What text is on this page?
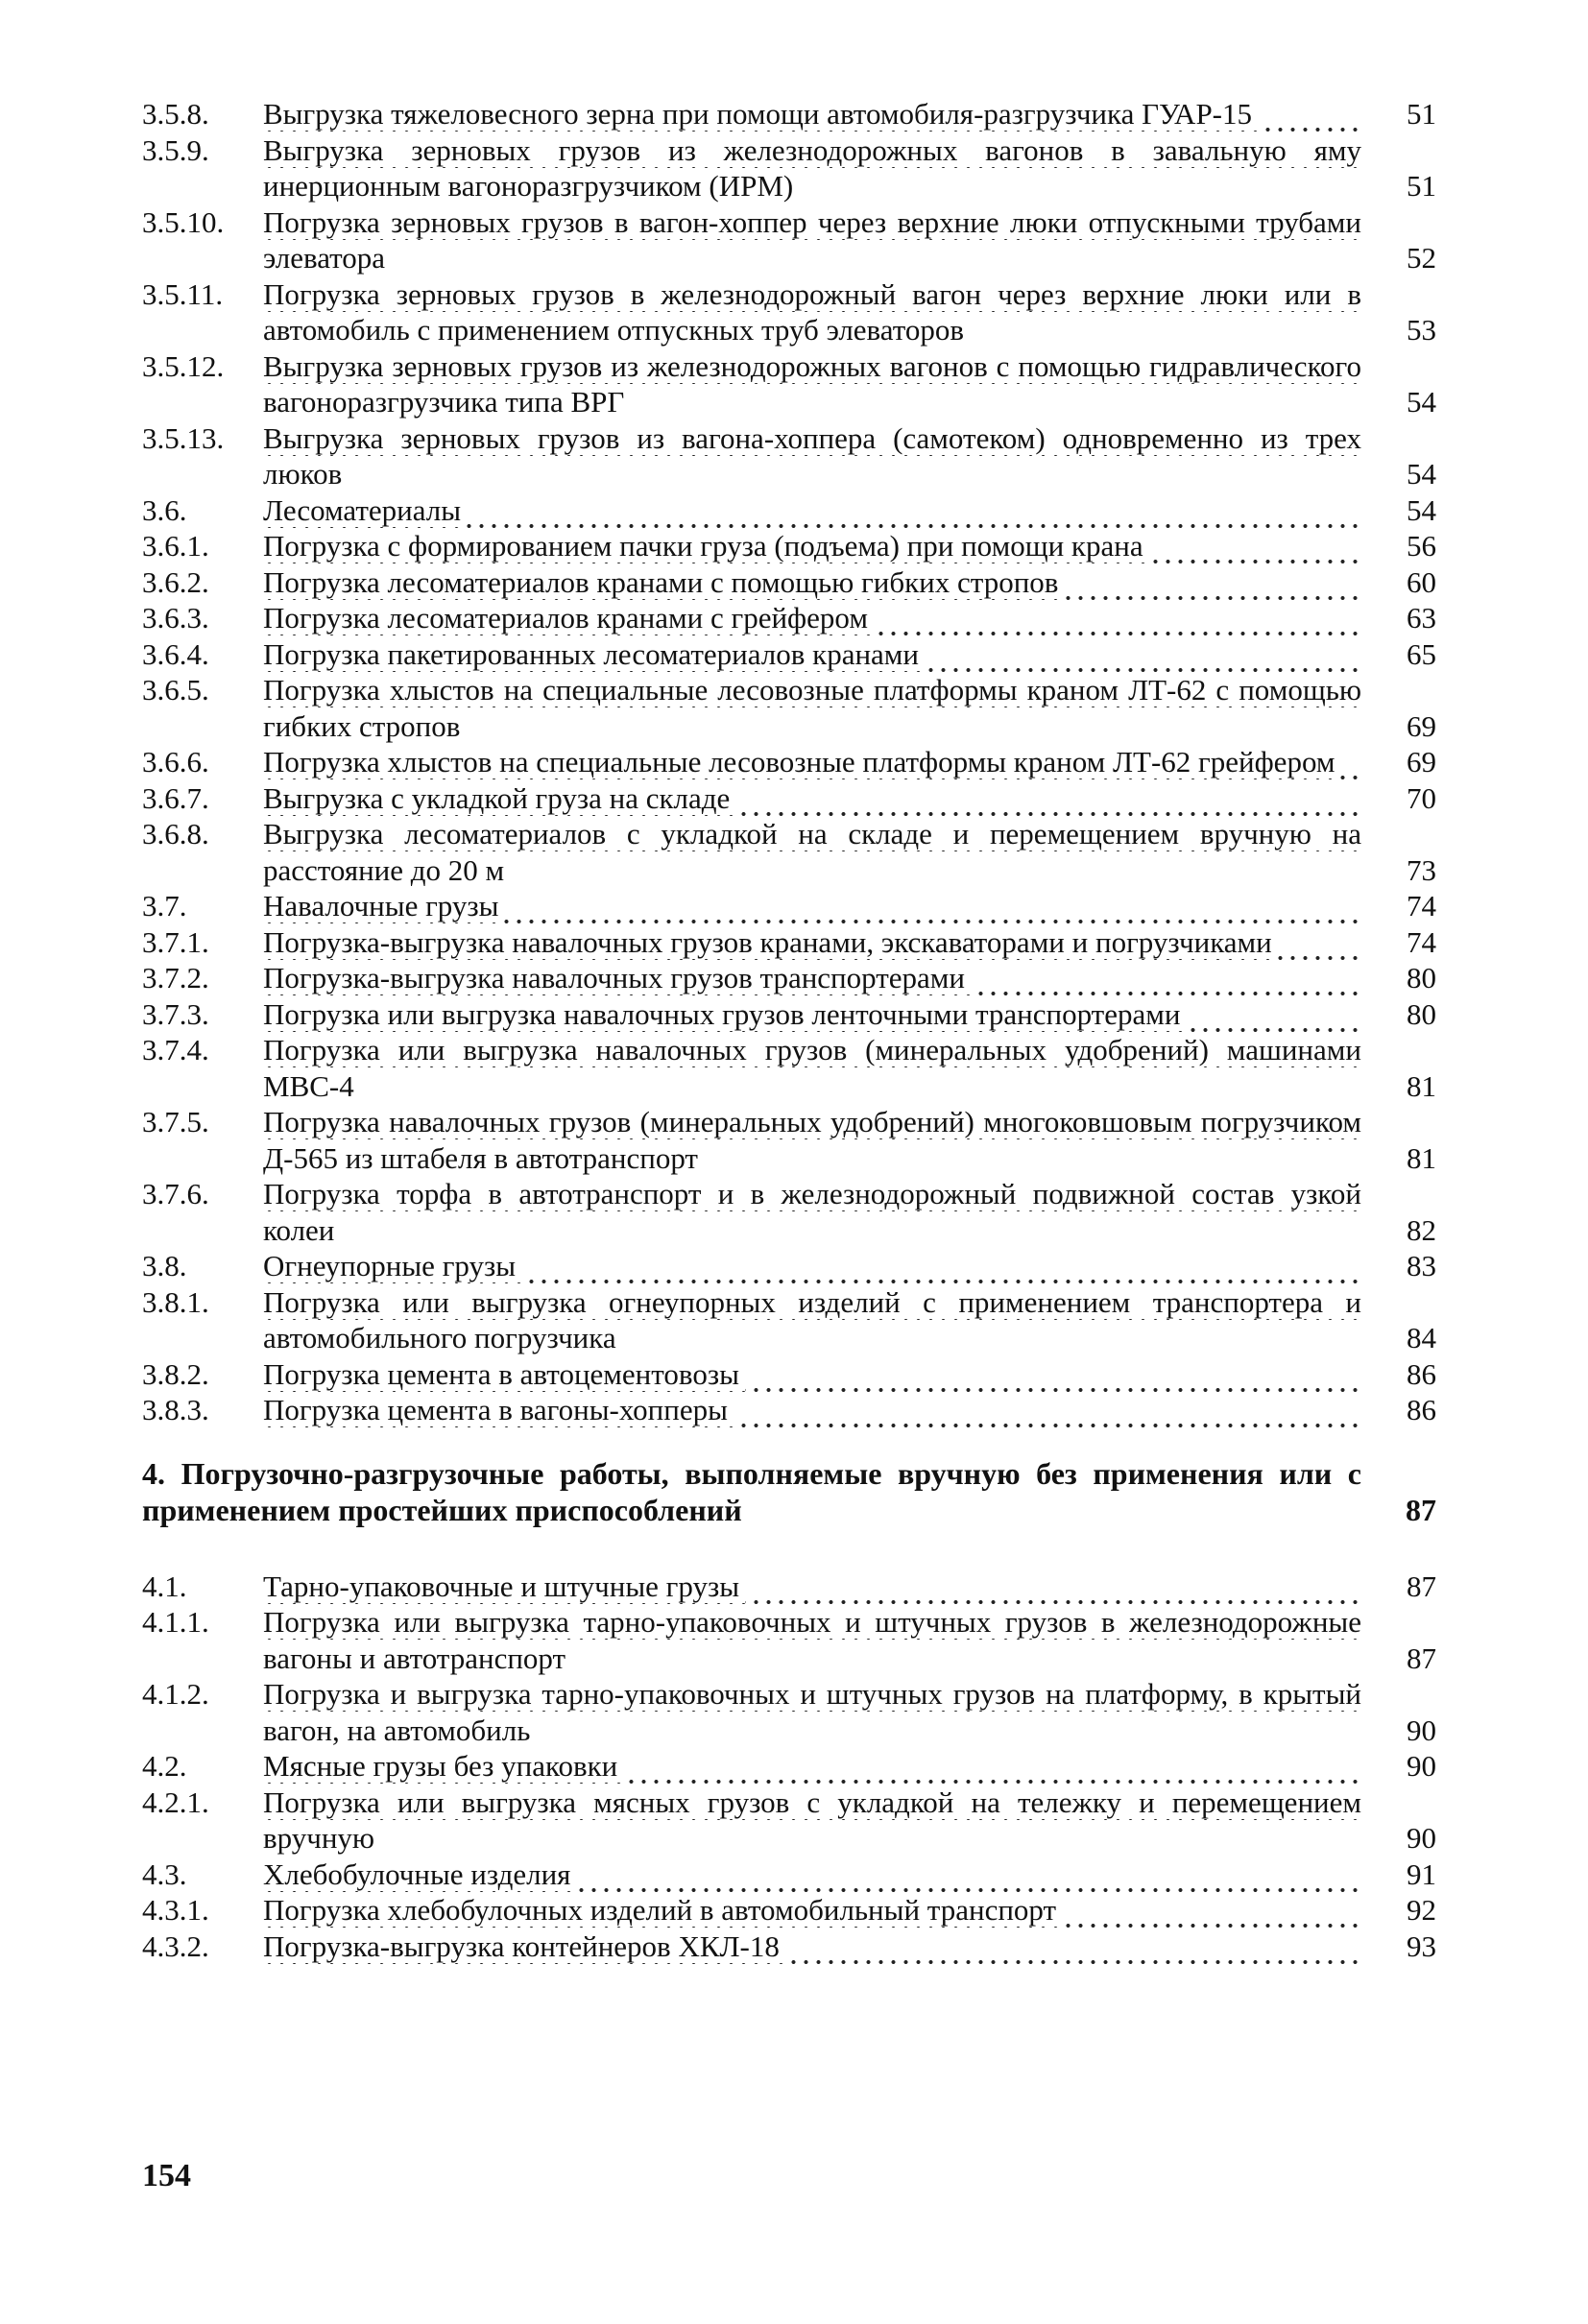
3.5.8.	Выгрузка тяжеловесного зерна при помощи автомобиля-разгрузчика ГУАР-15	51
3.5.9.	Выгрузка зерновых грузов из железнодорожных вагонов в завальную яму инерционным вагоноразгрузчиком (ИРМ)	51
3.5.10.	Погрузка зерновых грузов в вагон-хоппер через верхние люки отпускными трубами элеватора	52
3.5.11.	Погрузка зерновых грузов в железнодорожный вагон через верхние люки или в автомобиль с применением отпускных труб элеваторов	53
3.5.12.	Выгрузка зерновых грузов из железнодорожных вагонов с помощью гидравлического вагоноразгрузчика типа ВРГ	54
3.5.13.	Выгрузка зерновых грузов из вагона-хоппера (самотеком) одновременно из трех люков	54
3.6.	Лесоматериалы	54
3.6.1.	Погрузка с формированием пачки груза (подъема) при помощи крана	56
3.6.2.	Погрузка лесоматериалов кранами с помощью гибких стропов	60
3.6.3.	Погрузка лесоматериалов кранами с грейфером	63
3.6.4.	Погрузка пакетированных лесоматериалов кранами	65
3.6.5.	Погрузка хлыстов на специальные лесовозные платформы краном ЛТ-62 с помощью гибких стропов	69
3.6.6.	Погрузка хлыстов на специальные лесовозные платформы краном ЛТ-62 грейфером	69
3.6.7.	Выгрузка с укладкой груза на складе	70
3.6.8.	Выгрузка лесоматериалов с укладкой на складе и перемещением вручную на расстояние до 20 м	73
3.7.	Навалочные грузы	74
3.7.1.	Погрузка-выгрузка навалочных грузов кранами, экскаваторами и погрузчиками	74
3.7.2.	Погрузка-выгрузка навалочных грузов транспортерами	80
3.7.3.	Погрузка или выгрузка навалочных грузов ленточными транспортерами	80
3.7.4.	Погрузка или выгрузка навалочных грузов (минеральных удобрений) машинами МВС-4	81
3.7.5.	Погрузка навалочных грузов (минеральных удобрений) многоковшовым погрузчиком Д-565 из штабеля в автотранспорт	81
3.7.6.	Погрузка торфа в автотранспорт и в железнодорожный подвижной состав узкой колеи	82
3.8.	Огнеупорные грузы	83
3.8.1.	Погрузка или выгрузка огнеупорных изделий с применением транспортера и автомобильного погрузчика	84
3.8.2.	Погрузка цемента в автоцементовозы	86
3.8.3.	Погрузка цемента в вагоны-хопперы	86
4. Погрузочно-разгрузочные работы, выполняемые вручную без применения или с применением простейших приспособлений	87
4.1.	Тарно-упаковочные и штучные грузы	87
4.1.1.	Погрузка или выгрузка тарно-упаковочных и штучных грузов в железнодорожные вагоны и автотранспорт	87
4.1.2.	Погрузка и выгрузка тарно-упаковочных и штучных грузов на платформу, в крытый вагон, на автомобиль	90
4.2.	Мясные грузы без упаковки	90
4.2.1.	Погрузка или выгрузка мясных грузов с укладкой на тележку и перемещением вручную	90
4.3.	Хлебобулочные изделия	91
4.3.1.	Погрузка хлебобулочных изделий в автомобильный транспорт	92
4.3.2.	Погрузка-выгрузка контейнеров ХКЛ-18	93
154
